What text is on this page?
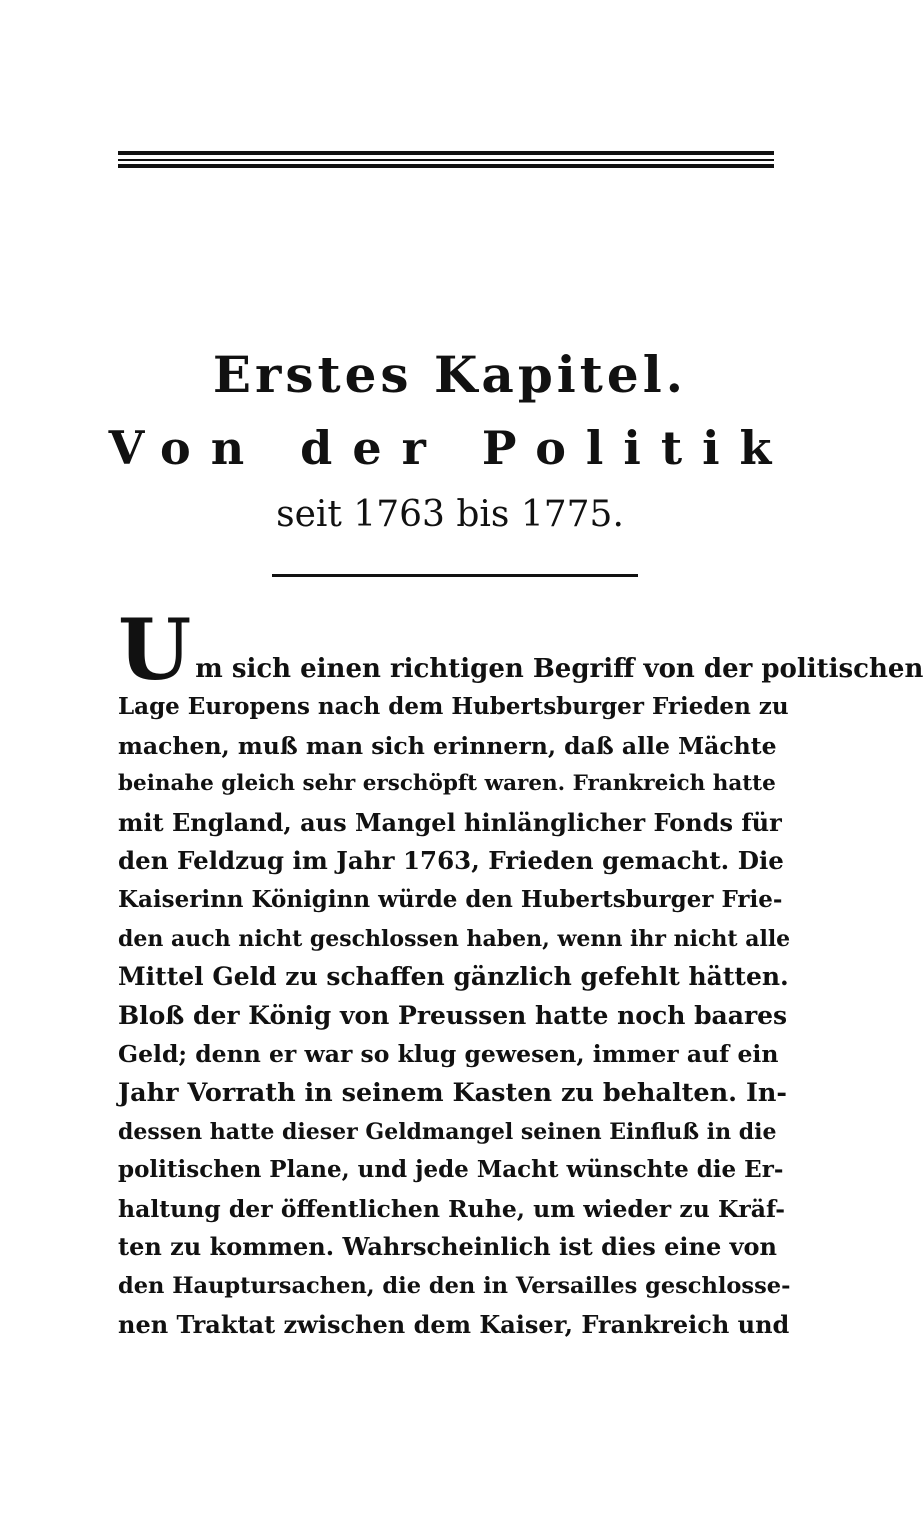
Erstes Kapitel.
Von der Politik
seit 1763 bis 1775.
U m sich einen richtigen Begriff von der politischen
Lage Europens nach dem Hubertsburger Frieden zu
machen, muß man sich erinnern, daß alle Mächte
beinahe gleich sehr erschöpft waren. Frankreich hatte
mit England, aus Mangel hinlänglicher Fonds für
den Feldzug im Jahr 1763, Frieden gemacht. Die
Kaiserinn Königinn würde den Hubertsburger Frie-
den auch nicht geschlossen haben, wenn ihr nicht alle
Mittel Geld zu schaffen gänzlich gefehlt hätten.
Bloß der König von Preussen hatte noch baares
Geld; denn er war so klug gewesen, immer auf ein
Jahr Vorrath in seinem Kasten zu behalten. In-
dessen hatte dieser Geldmangel seinen Einfluß in die
politischen Plane, und jede Macht wünschte die Er-
haltung der öffentlichen Ruhe, um wieder zu Kräf-
ten zu kommen. Wahrscheinlich ist dies eine von
den Hauptursachen, die den in Versailles geschlosse-
nen Traktat zwischen dem Kaiser, Frankreich und
